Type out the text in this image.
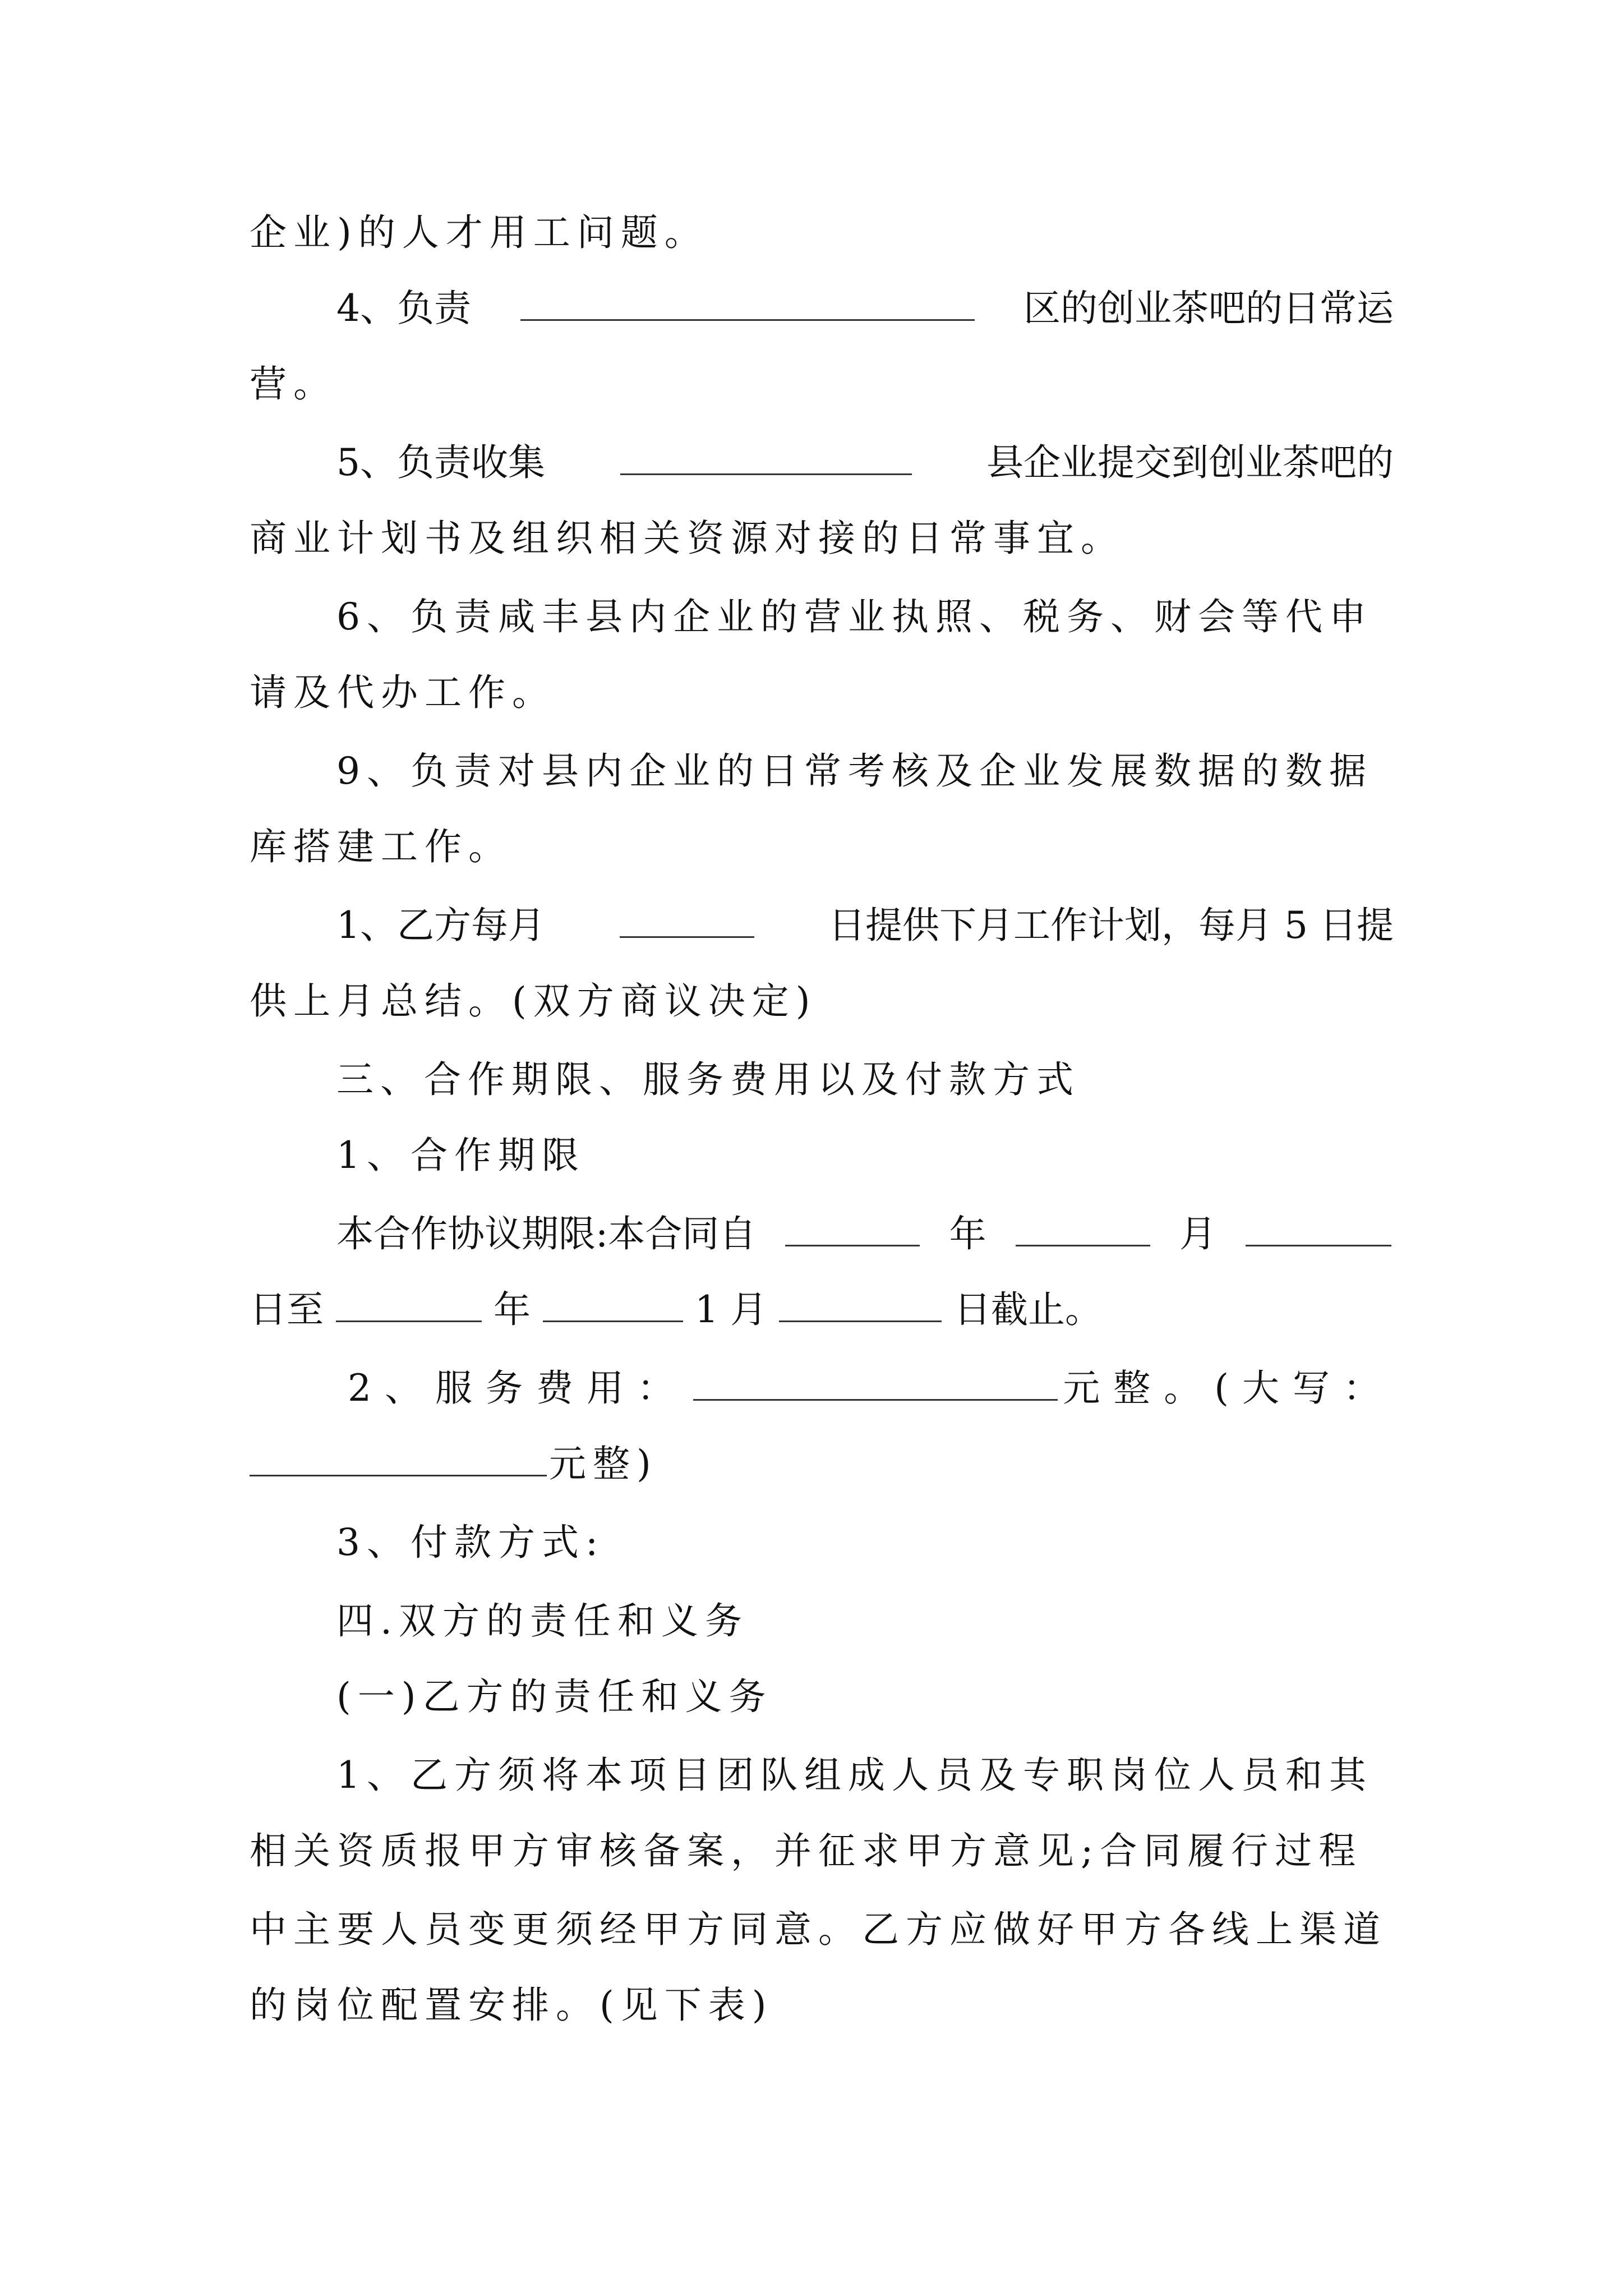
企业)的人才用工问题。
4、负责	区的创业茶吧的日常运
营。
5、负责收集	县企业提交到创业茶吧的
商业计划书及组织相关资源对接的日常事宜。
6、负责咸丰县内企业的营业执照、税务、财会等代申
请及代办工作。
9、负责对县内企业的日常考核及企业发展数据的数据
库搭建工作。
1、乙方每月	日提供下月工作计划，每月 5 日提
供上月总结。(双方商议决定)
三、合作期限、服务费用以及付款方式
1、合作期限
本合作协议期限:本合同自	年	月
日至	年	1 月	日截止。
2、服务费用：	元整。(大写：
元整)
3、付款方式:
四.双方的责任和义务
(一)乙方的责任和义务
1、乙方须将本项目团队组成人员及专职岗位人员和其
相关资质报甲方审核备案，并征求甲方意见;合同履行过程
中主要人员变更须经甲方同意。乙方应做好甲方各线上渠道
的岗位配置安排。(见下表)
